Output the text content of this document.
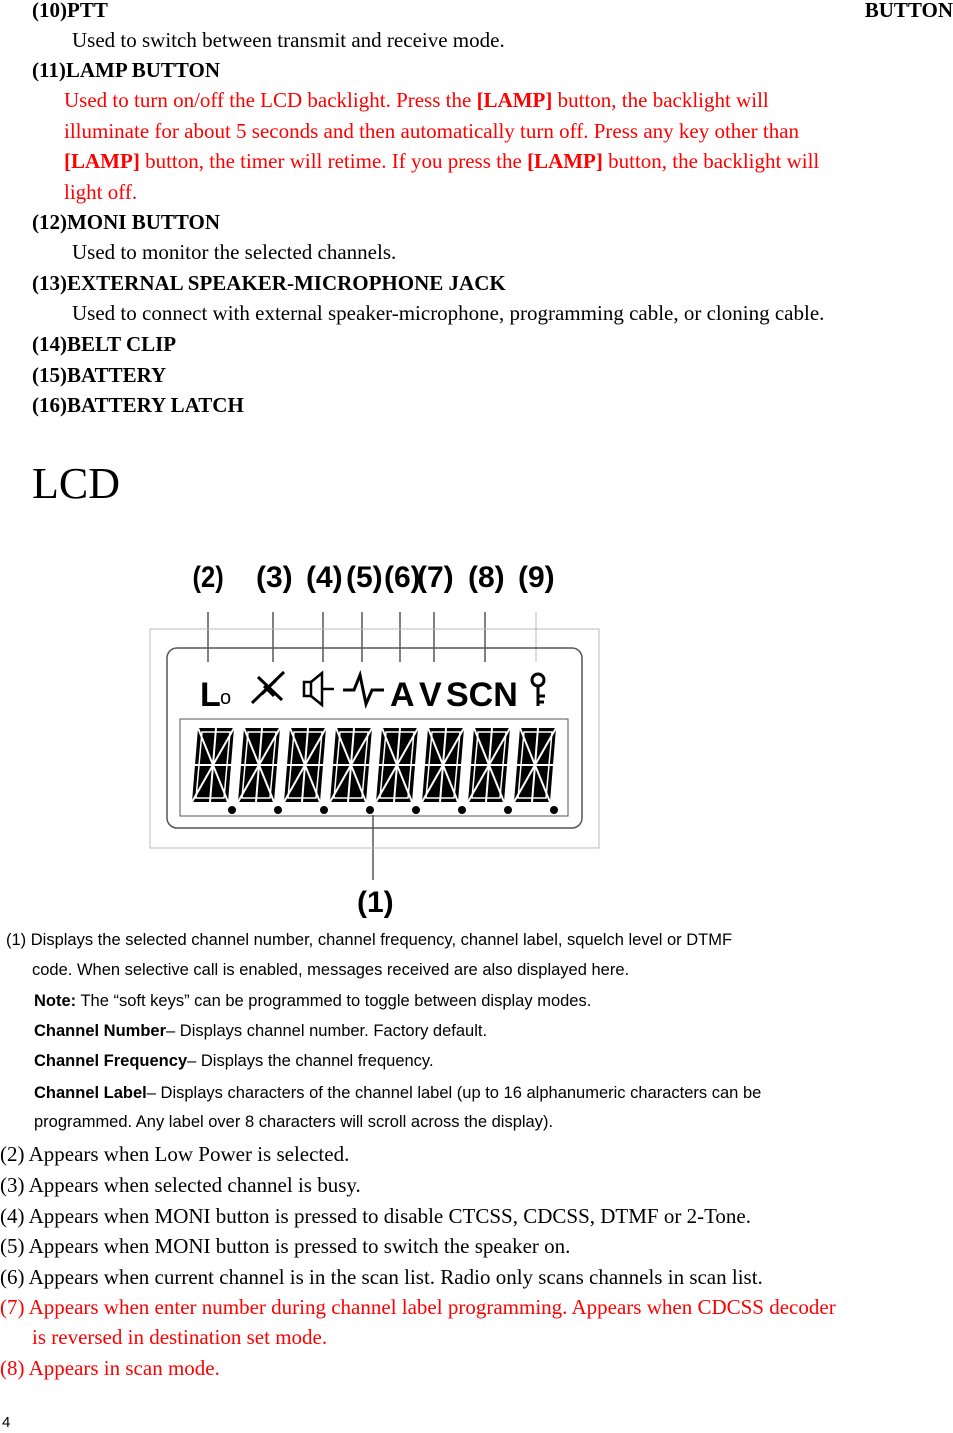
(10)PTT	BUTTON
Used to switch between transmit and receive mode.
(11)LAMP BUTTON
Used to turn on/off the LCD backlight. Press the [LAMP] button, the backlight will
illuminate for about 5 seconds and then automatically turn off. Press any key other than
[LAMP] button, the timer will retime. If you press the [LAMP] button, the backlight will
light off.
(12)MONI BUTTON
Used to monitor the selected channels.
(13)EXTERNAL SPEAKER-MICROPHONE JACK
Used to connect with external speaker-microphone, programming cable, or cloning cable.
(14)BELT CLIP
(15)BATTERY
(16)BATTERY LATCH
LCD
(2) (3) (4) (5) (6)
(7) (8) (9)
(1)
L o	A V SCN
(1) Displays the selected channel number, channel frequency, channel label, squelch level or DTMF
code. When selective call is enabled, messages received are also displayed here.
Note: The “soft keys” can be programmed to toggle between display modes.
Channel Number– Displays channel number. Factory default.
Channel Frequency– Displays the channel frequency.
Channel Label– Displays characters of the channel label (up to 16 alphanumeric characters can be
programmed. Any label over 8 characters will scroll across the display).
(2) Appears when Low Power is selected.
(3) Appears when selected channel is busy.
(4) Appears when MONI button is pressed to disable CTCSS, CDCSS, DTMF or 2-Tone.
(5) Appears when MONI button is pressed to switch the speaker on.
(6) Appears when current channel is in the scan list. Radio only scans channels in scan list.
(7) Appears when enter number during channel label programming. Appears when CDCSS decoder
is reversed in destination set mode.
(8) Appears in scan mode.
4
